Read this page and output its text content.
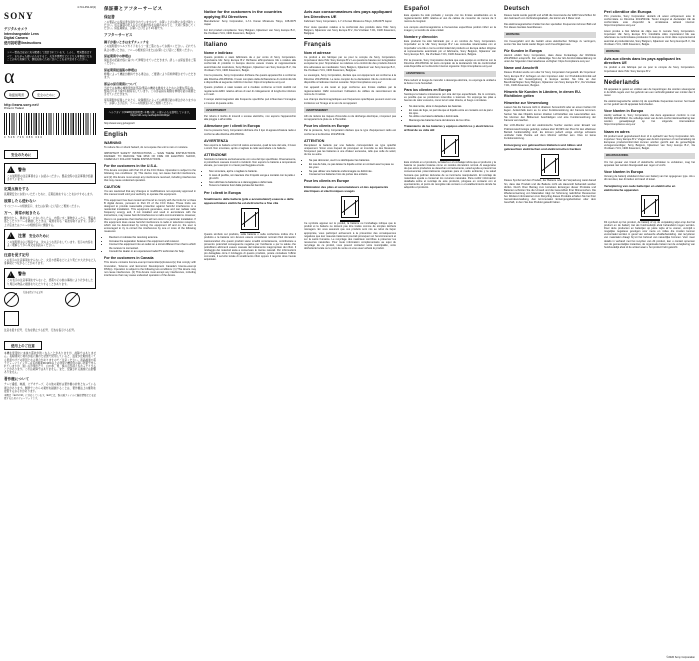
SONY
4-741-452-02(1)
デジタルカメラ
Interchangeable Lens
Digital Camera
使用説明書/Instructions
ソニー製品は安全に充分配慮して設計されています。しかし、電気製品はすべて、まちがった使いかたをすると、火災や感電などにより人身事故になることがあり危険です。事故を防ぐために次のことを必ずお守りください。
α
取扱説明書	安全のために
http://www.sony.net/
Printed in Thailand
4 548 736 086 333
安全のために
!
警告
この説明書の注意事項をよくお読みください。製品全般の注意事項が記載されています。
定期点検をする
長期間安全にお使いいただくために、定期点検をすることをおすすめします。
故障したら使わない
すぐにソニーの相談窓口、またはお買い上げ店にご相談ください。
万一、異常が起きたら
煙が出たら、異常な音・においがしたら、内部に水・異物が入ったら、製品を落としたりカバーを破損したときは、電源を切る・電池を取りはずす。お買い上げ店またはソニーの相談窓口に連絡する。
!
注意 安全のために
この説明書および製品では、次のような表示をしています。表示の内容をよく理解してから本文をお読みください。
注意を促す記号
この表示の注意事項を守らないと、火災や感電などにより死亡や大けがなど人身事故につながることがあります。
!
警告
この表示の注意事項を守らないと、感電やその他の事故によりけがをしたり周辺の物品に損害を与えたりすることがあります。
行為を指示する記号
注意を促す記号、行為を禁止する記号、行為を指示する記号。
使用上のご注意
本機を使用中に本体や電池が熱くなることがありますが、故障ではありません。長時間同じ場所が肌に触れた状態で使用していると、温度が比較的低くても低温やけどの原因となる場合がありますのでご注意ください。液晶画面や電子ビューファインダーは有効画素99.99%以上の非常に精密度の高い技術で作られていますが、黒い点が現れたり、白や赤、青、緑の点が消えなかったりすることがあります。これは故障ではありません。また、記録される画像には影響ありません。
著作権について
テレビ番組、映画、ビデオテープ、その他の素材は著作権の対象となっている場合があります。無断でこれらの素材を録画することは、著作権法上の権利を侵害するおそれがあります。
本機は「Exif 2.32」に対応しています。Exifとは、静止画ファイルに撮影情報などを記録するためのフォーマットです。
保証書とアフターサービス
保証書
この製品には保証書が添付されていますので、お買い上げの際にお受け取りください。所定事項の記入および記載内容をお確かめのうえ、大切に保存してください。保証期間は、お買い上げ日より1年間です。
アフターサービス
調子が悪いときはまずチェックを
この説明書やヘルプガイドをもう一度ご覧になってお調べください。それでも具合の悪いときは、ソニーの相談窓口またはお買い上げ店にご相談ください。
保証期間中の修理は
保証書の記載内容に基づいて修理させていただきます。詳しくは保証書をご覧ください。
保証期間経過後の修理は
修理によって機能が維持できる場合は、ご要望により有料修理させていただきます。
部品の保有期間について
当社では本機の補修用性能部品(製品の機能を維持するために必要な部品)を、製造打ち切り後7年間保有しています。この部品保有期間を修理可能の期間とさせていただきます。
保有期間が経過したあとも、故障箇所によっては修理可能の場合がありますので、お買い上げ店か、ソニーの相談窓口にご相談ください。
ヘルプガイド(WEB取扱説明書) 本機の詳しい使いかたを説明しています。 https://rd1.sony.net/help/ilc/2040/ja/
http://www.sony.jp/support/
English
WARNING
To reduce fire or shock hazard, do not expose the unit to rain or moisture.
IMPORTANT SAFETY INSTRUCTIONS — SAVE THESE INSTRUCTIONS. DANGER: TO REDUCE THE RISK OF FIRE OR ELECTRIC SHOCK, CAREFULLY FOLLOW THESE INSTRUCTIONS.
For the customers in the U.S.A.
This device complies with Part 15 of the FCC Rules. Operation is subject to the following two conditions: (1) This device may not cause harmful interference, and (2) this device must accept any interference received, including interference that may cause undesired operation.
CAUTION
You are cautioned that any changes or modifications not expressly approved in this manual could void your authority to operate this equipment.
This equipment has been tested and found to comply with the limits for a Class B digital device, pursuant to Part 15 of the FCC Rules. These limits are designed to provide reasonable protection against harmful interference in a residential installation. This equipment generates, uses and can radiate radio frequency energy and, if not installed and used in accordance with the instructions, may cause harmful interference to radio communications. However, there is no guarantee that interference will not occur in a particular installation. If this equipment does cause harmful interference to radio or television reception, which can be determined by turning the equipment off and on, the user is encouraged to try to correct the interference by one or more of the following measures:
• Reorient or relocate the receiving antenna.
• Increase the separation between the equipment and receiver.
• Connect the equipment into an outlet on a circuit different from that to which the receiver is connected.
• Consult the dealer or an experienced radio/TV technician for help.
For the customers in Canada
This device contains licence-exempt transmitter(s)/receiver(s) that comply with Innovation, Science and Economic Development Canada's licence-exempt RSS(s). Operation is subject to the following two conditions: (1) This device may not cause interference. (2) This device must accept any interference, including interference that may cause undesired operation of the device.
Notice for the customers in the countries applying EU Directives
Manufacturer: Sony Corporation, 1-7-1 Konan Minato-ku Tokyo, 108-0075 Japan
For EU product compliance: Sony Belgium, bijkantoor van Sony Europe B.V., Da Vincilaan 7-D1, 1930 Zaventem, Belgium
Italiano
Nome e indirizzo
Questo prodotto è stato fabbricato da o per conto di Sony Corporation. Importatore UE: Sony Europe B.V. Richieste all'importatore UE o relative alla conformità di prodotto in Europa devono essere inviate al rappresentante autorizzato del costruttore, Sony Belgium, bijkantoor van Sony Europe B.V., Da Vincilaan 7-D1, 1930 Zaventem, Belgio.
Con la presente, Sony Corporation dichiara che questo apparecchio è conforme alla Direttiva 2014/53/UE. Il testo completo della dichiarazione di conformità UE è disponibile al seguente indirizzo Internet: https://compliance.sony.eu/
Questo prodotto è stato testato ed è risultato conforme ai limiti stabiliti nel regolamento EMC relativo all'uso di cavi di collegamento di lunghezza inferiore a 3 metri.
Il campo elettromagnetico alle frequenze specifiche può influenzare l'immagine e il suono di questa unità.
AVVERTISMENT
Per ridurre il rischio di incendi o scosse elettriche, non esporre l'apparecchio alla pioggia o all'umidità.
Attenzione per i clienti in Europa
Con la presente Sony Corporation dichiara che il tipo di apparecchiatura radio è conforme alla direttiva 2014/53/UE.
AVVERTENZA
Non esporre le batterie a fonti di calore eccessivo, quali la luce del sole, il fuoco o simili. Non smontare, aprire o tagliare le celle secondarie o le batterie.
ATTENZIONE
Sostituire la batteria esclusivamente con una del tipo specificato. Diversamente, si potrebbero causare incendi o incidenti. Non esporre le batterie a temperature elevate, per esempio in un'auto parcheggiata al sole.
• Non smontare, aprire o tagliare le batterie.
• In caso di perdita, non lasciare che il liquido venga a contatto con la pelle o gli occhi.
• Non utilizzare la batteria se è danneggiata o deformata.
• Tenere le batterie fuori dalla portata dei bambini.
Per i clienti in Europa
Smaltimento delle batterie (pile e accumulatori) esauste e delle apparecchiature elettriche ed elettroniche a fine vita
Questo simbolo sul prodotto, sulla batteria o sulla confezione indica che il prodotto e la batteria non devono essere considerati normali rifiuti domestici. Assicurandovi che questi prodotti siano smaltiti correttamente, contribuirete a prevenire potenziali conseguenze negative per l'ambiente e per la salute che potrebbero altrimenti essere causate dal trattamento inappropriato dei rifiuti. Il riciclaggio dei materiali aiuta a conservare le risorse naturali. Per informazioni più dettagliate circa il riciclaggio di questo prodotto, potete contattare l'ufficio comunale, il servizio locale di smaltimento rifiuti oppure il negozio dove l'avete acquistato.
Avis aux consommateurs des pays appliquant les Directives UE
Fabricant: Sony Corporation, 1-7-1 Konan Minato-ku Tokyo, 108-0075 Japon
Pour toute question relative à la conformité des produits dans l'UE: Sony Belgium, bijkantoor van Sony Europe B.V., Da Vincilaan 7-D1, 1930 Zaventem, Belgique
Français
Nom et adresse
Ce produit a été fabriqué par ou pour le compte de Sony Corporation. Importateur dans l'UE: Sony Europe B.V. Les questions basées sur la législation européenne pour l'importateur ou relatives à la conformité des produits doivent être adressées au mandataire: Sony Belgium, bijkantoor van Sony Europe B.V., Da Vincilaan 7-D1, 1930 Zaventem, Belgique.
Le soussigné, Sony Corporation, déclare que cet équipement est conforme à la Directive 2014/53/UE. Le texte complet de la déclaration UE de conformité est disponible à l'adresse internet suivante: https://compliance.sony.eu/
Cet appareil a été testé et jugé conforme aux limites établies par la réglementation CEM concernant l'utilisation de câbles de raccordement de moins de 3 mètres.
Les champs électromagnétiques aux fréquences spécifiques peuvent avoir une incidence sur l'image et le son de cet appareil.
AVERTISSEMENT
Afin de réduire les risques d'incendie ou de décharge électrique, n'exposez pas cet appareil à la pluie ou à l'humidité.
Pour les clients en Europe
Par la présente, Sony Corporation déclare que le type d'équipement radio est conforme à la directive 2014/53/UE.
ATTENTION
Remplacez la batterie par une batterie correspondant au type spécifié uniquement. Sinon vous risquez de provoquer un incendie ou des blessures. N'exposez pas les batteries à une chaleur excessive, telle que celle du soleil, du feu ou autre.
• Ne pas démonter, ouvrir ou déchiqueter les batteries.
• En cas de fuite, ne pas laisser le liquide entrer en contact avec la peau ou les yeux.
• Ne pas utiliser une batterie endommagée ou déformée.
• Conserver les batteries hors de portée des enfants.
Pour les clients en Europe
Elimination des piles et accumulateurs et des équipements électriques et électroniques usagés
Ce symbole apposé sur le produit, la batterie ou l'emballage indique que le produit et la batterie ne doivent pas être traités comme de simples déchets ménagers. En vous assurant que ces produits sont mis au rebut de façon appropriée, vous participez activement à la prévention des conséquences négatives que leur mauvais traitement pourrait provoquer sur l'environnement et sur la santé humaine. Le recyclage des matériaux contribue à préserver les ressources naturelles. Pour toute information complémentaire au sujet du recyclage de ce produit, vous pouvez contacter votre municipalité, votre déchetterie locale ou le point de vente où vous avez acheté le produit.
Español
Este aparato ha sido probado y cumple con los límites establecidos en la reglamentación EMC relativa al uso de cables de conexión de menos de 3 metros de longitud.
Los campos electromagnéticos a frecuencias específicas podrán influir en la imagen y el sonido de esta unidad.
Nombre y dirección
Este producto ha sido fabricado por, o en nombre de Sony Corporation. Importador en la UE: Sony Europe B.V. Las consultas relacionadas con el Importador a la UE o con la conformidad del producto en Europa deben dirigirse al representante autorizado por el fabricante, Sony Belgium, bijkantoor van Sony Europe B.V., Da Vincilaan 7-D1, 1930 Zaventem, Bélgica.
Por la presente, Sony Corporation declara que este equipo es conforme con la Directiva 2014/53/UE. El texto completo de la declaración UE de conformidad está disponible en la dirección Internet siguiente: https://compliance.sony.eu/
ADVERTENCIA
Para reducir el riesgo de incendio o descarga eléctrica, no exponga la unidad a la lluvia ni a la humedad.
Para los clientes en Europa
Sustituya la batería únicamente por otra del tipo especificado. De lo contrario, es posible que se produzcan incendios o lesiones. No exponga las pilas a fuentes de calor excesivo, como la luz solar directa, el fuego o similares.
• No desmonte, abra ni despedace las baterías.
• En caso de fuga, no permita que el líquido entre en contacto con la piel o los ojos.
• No utilice una batería dañada o deformada.
• Mantenga las baterías fuera del alcance de los niños.
Tratamiento de las baterías y equipos eléctricos y electrónicos al final de su vida útil
Este símbolo en el producto, la batería o el embalaje indica que el producto y la batería no pueden tratarse como un residuo doméstico normal. Al asegurarse de que estos productos se desechan correctamente, usted ayuda a prevenir las consecuencias potencialmente negativas para el medio ambiente y la salud humana que podrían derivarse de su incorrecta manipulación. El reciclaje de materiales ayuda a conservar los recursos naturales. Para recibir información detallada sobre el reciclaje de este producto, póngase en contacto con el ayuntamiento, el punto de recogida más cercano o el establecimiento donde ha adquirido el producto.
Deutsch
Dieses Gerät wurde geprüft und erfüllt die Grenzwerte der EMV-Vorschriften für den Gebrauch von Verbindungskabeln, die kürzer als 3 Meter sind.
Die elektromagnetischen Felder bei den speziellen Frequenzen können Bild und Ton dieses Gerätes beeinflussen.
WARNUNG
Um Feuergefahr und die Gefahr eines elektrischen Schlags zu verringern, setzen Sie das Gerät weder Regen noch Feuchtigkeit aus.
Für Kunden in Europa
Hiermit erklärt Sony Corporation, dass diese Funkanlage der Richtlinie 2014/53/EU entspricht. Der vollständige Text der EU-Konformitätserklärung ist unter der folgenden Internetadresse verfügbar: https://compliance.sony.eu/
Name und Anschrift
Dieses Produkt wurde von oder für Sony Corporation hergestellt. EU Importeur: Sony Europe B.V. Anfragen an den Importeur oder zur Produktkonformität auf Grundlage der Gesetzgebung in Europa senden Sie bitte an den Bevollmächtigten Sony Belgium, bijkantoor van Sony Europe B.V., Da Vincilaan 7-D1, 1930 Zaventem, Belgien.
Hinweis für Kunden in Ländern, in denen EU-Richtlinien gelten
Hinweise zur Verwendung
Lassen Sie die Kamera nicht in direktem Sonnenlicht oder an einem heißen Ort liegen. Andernfalls kann es zu einer Funktionsstörung der Kamera kommen. Setzen Sie das Objektiv keinen direkten Lichtstrahlen wie Laserstrahlen aus. Sie könnten den Bildsensor beschädigen und eine Funktionsstörung der Kamera verursachen.
Der LCD-Monitor und der elektronische Sucher werden unter Einsatz von Präzisionstechnologie gefertigt, sodass über 99,99% der Pixel für den effektiven Betrieb funktionsfähig sind. Es können jedoch einige winzige schwarze und/oder helle Punkte auf dem Monitor sichtbar sein. Dies ist keine Funktionsstörung.
Entsorgung von gebrauchten Batterien und Akkus und gebrauchten elektrischen und elektronischen Geräten
Dieses Symbol auf dem Produkt, der Batterie oder der Verpackung weist darauf hin, dass das Produkt und die Batterie nicht als Hausmüll behandelt werden dürfen. Durch Ihren Beitrag zum korrekten Entsorgen dieser Produkte und Batterien schützen Sie die Umwelt und die Gesundheit Ihrer Mitmenschen. Die Wiederverwertung von Materialien trägt zur Schonung natürlicher Ressourcen bei. Weitere Informationen zum Recycling dieses Produkts erhalten Sie bei Ihrer Gemeindeverwaltung, den kommunalen Entsorgungsbetrieben oder dem Geschäft, in dem Sie das Produkt gekauft haben.
Peri clientilor din Europa
Prin prezenta, Sony Corporation declară că acest echipament este în conformitate cu Directiva 2014/53/UE. Textul integral al declarației UE de conformitate este disponibil la următoarea adresă internet: https://compliance.sony.eu/
Acest produs a fost fabricat de către sau în numele Sony Corporation. Importator UE: Sony Europe B.V. Întrebările către importatorul UE sau referitoare la conformitatea produsului în Europa se trimit către reprezentantul autorizat al producătorului, Sony Belgium, bijkantoor van Sony Europe B.V., Da Vincilaan 7-D1, 1930 Zaventem, Belgia.
WARNUNG
Avis aux clients dans les pays appliquant les directives UE
Ce produit a été fabriqué par ou pour le compte de Sony Corporation. Importateur dans l'UE: Sony Europe B.V.
Nederlands
Dit apparaat is getest en voldoet aan de beperkingen die worden uiteengezet in de EMC-regels voor het gebruik van een verbindingskabel van minder dan 3 meter.
De elektromagnetische velden bij de specifieke frequenties kunnen het beeld en het geluid van dit apparaat beïnvloeden.
Voor klanten in Europa
Hierbij verklaar ik, Sony Corporation, dat deze apparatuur conform is met Richtlijn 2014/53/EU. De volledige tekst van de EU-conformiteitsverklaring kan worden geraadpleegd op het volgende internetadres: https://compliance.sony.eu/
Naam en adres
Dit product werd geproduceerd door of in opdracht van Sony Corporation. EU-importeur: Sony Europe B.V. Vragen aan de EU-importeur of met betrekking tot Europese productconformiteit kunnen worden gericht aan de gemachtigde vertegenwoordiger, Sony Belgium, bijkantoor van Sony Europe B.V., Da Vincilaan 7-D1, 1930 Zaventem, België.
WAARSCHUWING
Om het gevaar van brand of elektrische schokken te verkleinen, mag het apparaat niet worden blootgesteld aan regen of vocht.
Voor klanten in Europa
Vervang de batterij uitsluitend door een batterij van het opgegeven type. Als u dit niet doet, kan dit leiden tot brand of letsel.
Verwijdering van oude batterijen en elektrische en elektronische apparaten
Dit symbool op het product, de batterij of op de verpakking wijst erop dat het product en de batterij niet als huishoudelijk afval behandeld mogen worden. Door deze producten en batterijen op juiste wijze af te voeren, vermijdt u mogelijke negatieve gevolgen voor mens en milieu die zouden kunnen veroorzaakt worden in geval van verkeerde afvalbehandeling. Het recycleren van materialen draagt bij tot het behoud van natuurlijke bronnen. Voor meer details in verband met het recyclen van dit product, kan u contact opnemen met de gemeentelijke instanties, de organisatie belast met de verwijdering van huishoudelijk afval of de winkel waar u het product hebt gekocht.
©2020 Sony Corporation
